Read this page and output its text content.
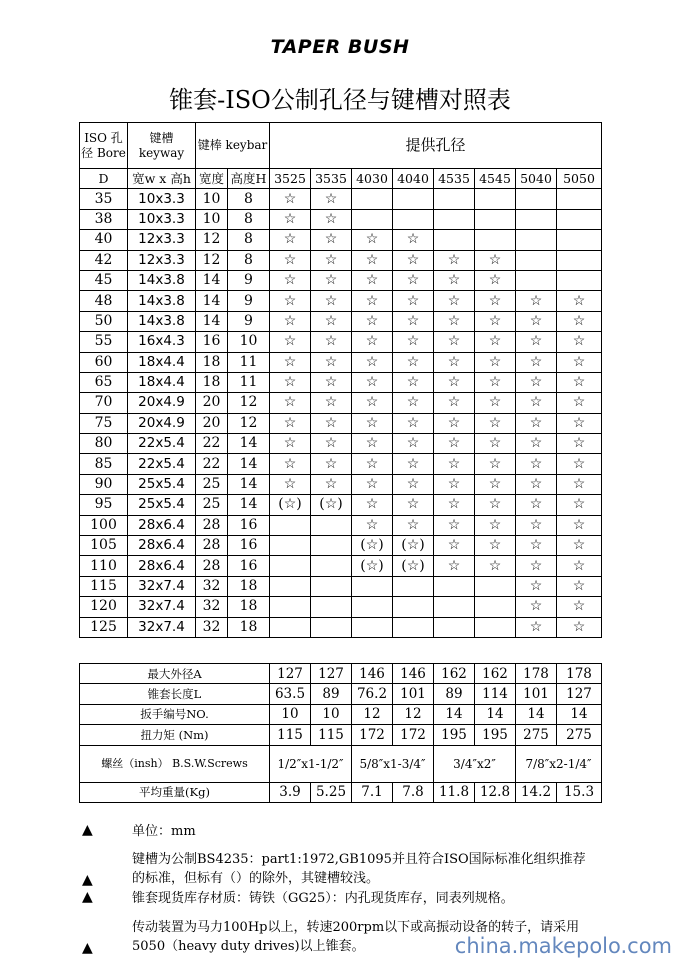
TAPER BUSH
锥套-ISO公制孔径与键槽对照表
ISO 孔径 Bore	键槽 keyway	键棒 keybar		提供孔径							
D	宽w x 高h	宽度	高度H	3525	3535	4030	4040	4535	4545	5040	5050
35	10x3.3	10	8	☆	☆						
38	10x3.3	10	8	☆	☆						
40	12x3.3	12	8	☆	☆	☆	☆				
42	12x3.3	12	8	☆	☆	☆	☆	☆	☆		
45	14x3.8	14	9	☆	☆	☆	☆	☆	☆		
48	14x3.8	14	9	☆	☆	☆	☆	☆	☆	☆	☆
50	14x3.8	14	9	☆	☆	☆	☆	☆	☆	☆	☆
55	16x4.3	16	10	☆	☆	☆	☆	☆	☆	☆	☆
60	18x4.4	18	11	☆	☆	☆	☆	☆	☆	☆	☆
65	18x4.4	18	11	☆	☆	☆	☆	☆	☆	☆	☆
70	20x4.9	20	12	☆	☆	☆	☆	☆	☆	☆	☆
75	20x4.9	20	12	☆	☆	☆	☆	☆	☆	☆	☆
80	22x5.4	22	14	☆	☆	☆	☆	☆	☆	☆	☆
85	22x5.4	22	14	☆	☆	☆	☆	☆	☆	☆	☆
90	25x5.4	25	14	☆	☆	☆	☆	☆	☆	☆	☆
95	25x5.4	25	14	(☆)	(☆)	☆	☆	☆	☆	☆	☆
100	28x6.4	28	16			☆	☆	☆	☆	☆	☆
105	28x6.4	28	16			(☆)	(☆)	☆	☆	☆	☆
110	28x6.4	28	16			(☆)	(☆)	☆	☆	☆	☆
115	32x7.4	32	18							☆	☆
120	32x7.4	32	18							☆	☆
125	32x7.4	32	18							☆	☆
最大外径A	127	127	146	146	162	162	178	178
锥套长度L	63.5	89	76.2	101	89	114	101	127
扳手编号NO.	10	10	12	12	14	14	14	14
扭力矩 (Nm)	115	115	172	172	195	195	275	275
螺丝（insh） B.S.W.Screws	1/2″x1-1/2″		5/8″x1-3/4″		3/4″x2″		7/8″x2-1/4″	
平均重量(Kg)	3.9	5.25	7.1	7.8	11.8	12.8	14.2	15.3
▲	单位：mm
键槽为公制BS4235：part1:1972,GB1095并且符合ISO国际标准化组织推荐
的标准，但标有（）的除外，其键槽较浅。
▲
▲	锥套现货库存材质：铸铁（GG25）：内孔现货库存，同表列规格。
传动装置为马力100Hp以上，转速200rpm以下或高振动设备的转子，请采用
5050（heavy duty drives)以上锥套。
▲	china.makepolo.com
